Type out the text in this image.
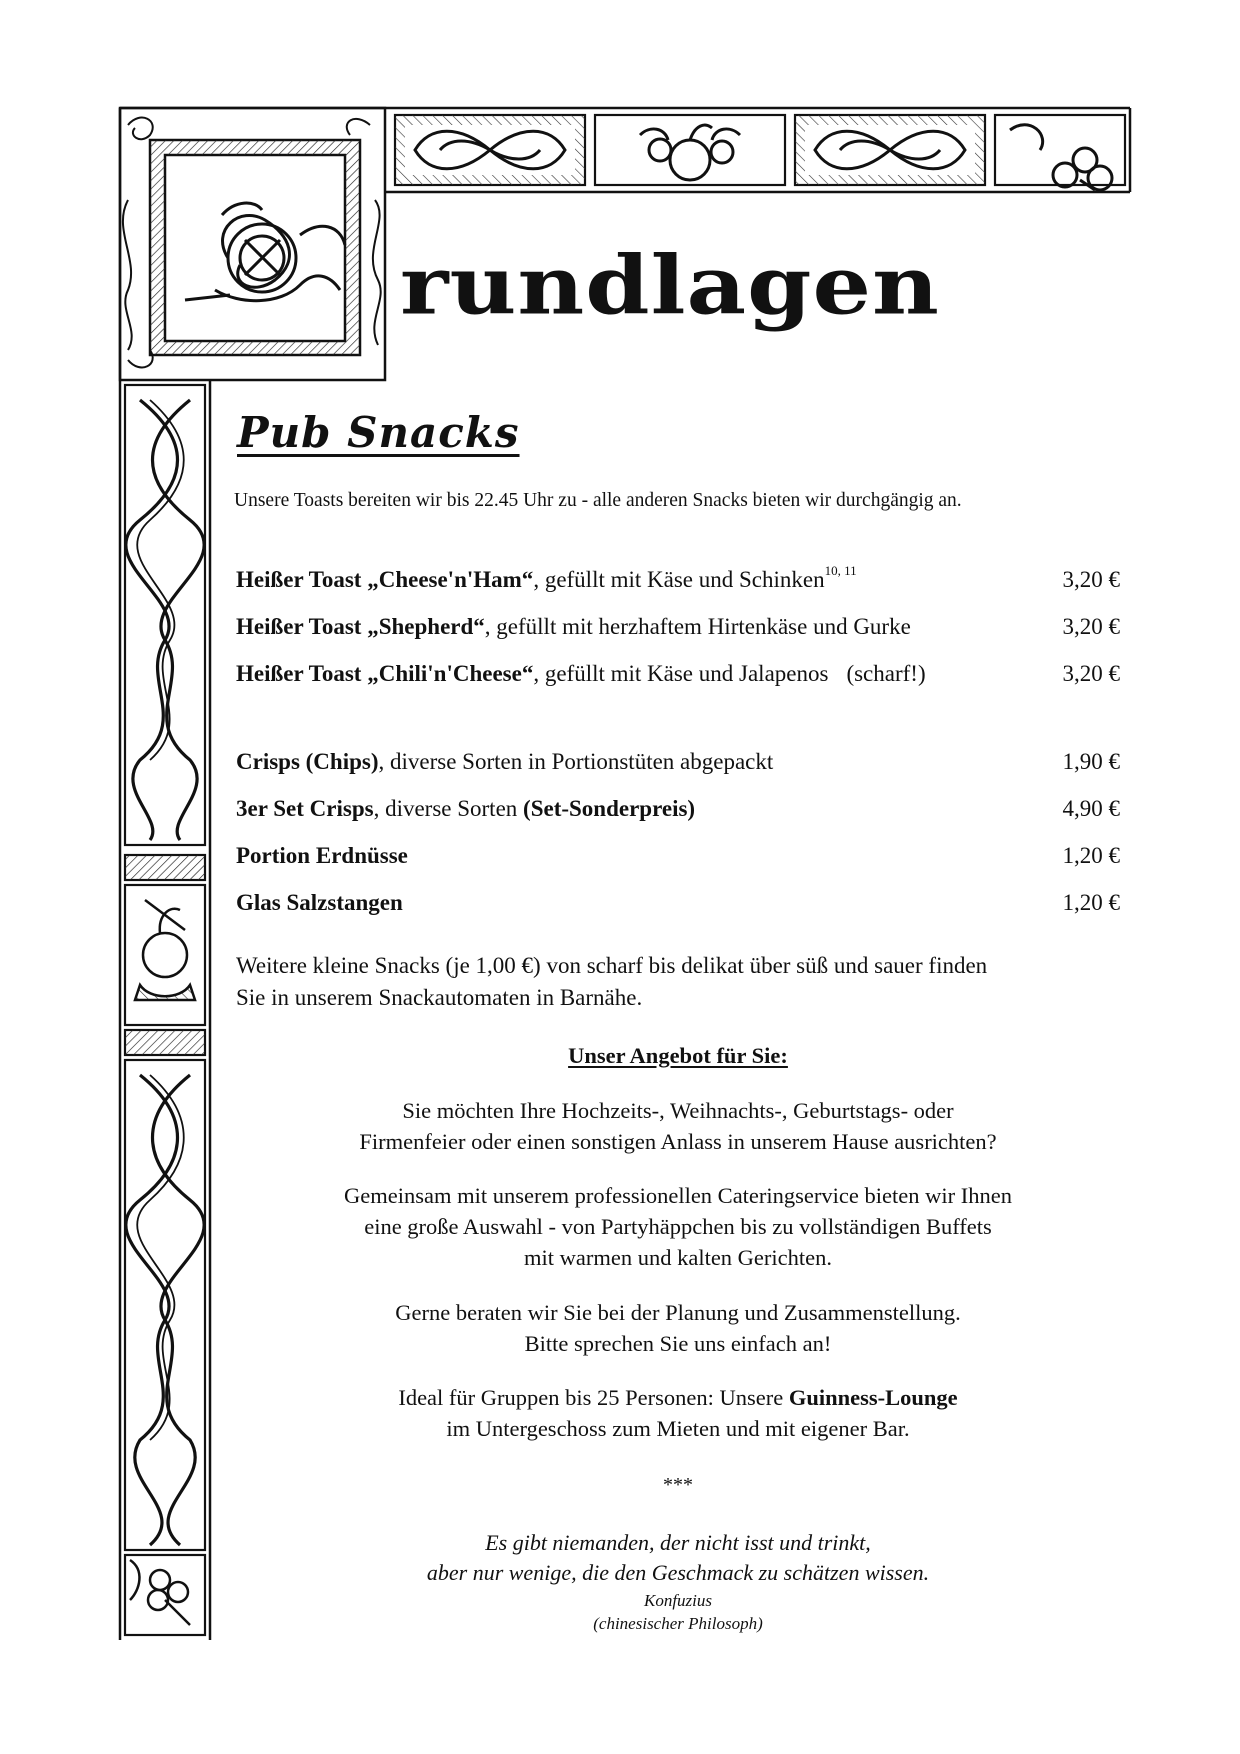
rundlagen
Pub Snacks

Unsere Toasts bereiten wir bis 22.45 Uhr zu - alle anderen Snacks bieten wir durchgängig an.

Heißer Toast „Cheese'n'Ham“, gefüllt mit Käse und Schinken$^{10, 11}$	3,20 €
Heißer Toast „Shepherd“, gefüllt mit herzhaftem Hirtenkäse und Gurke	3,20 €
Heißer Toast „Chili'n'Cheese“, gefüllt mit Käse und Jalapenos (scharf!)	3,20 €
Crisps (Chips), diverse Sorten in Portionstüten abgepackt	1,90 €
3er Set Crisps, diverse Sorten (Set-Sonderpreis)	4,90 €
Portion Erdnüsse	1,20 €
Glas Salzstangen	1,20 €

Weitere kleine Snacks (je 1,00 €) von scharf bis delikat über süß und sauer finden
Sie in unserem Snackautomaten in Barnähe.

Unser Angebot für Sie:

Sie möchten Ihre Hochzeits-, Weihnachts-, Geburtstags- oder
Firmenfeier oder einen sonstigen Anlass in unserem Hause ausrichten?

Gemeinsam mit unserem professionellen Cateringservice bieten wir Ihnen
eine große Auswahl - von Partyhäppchen bis zu vollständigen Buffets
mit warmen und kalten Gerichten.

Gerne beraten wir Sie bei der Planung und Zusammenstellung.
Bitte sprechen Sie uns einfach an!

Ideal für Gruppen bis 25 Personen: Unsere Guinness-Lounge
im Untergeschoss zum Mieten und mit eigener Bar.

***

Es gibt niemanden, der nicht isst und trinkt,
aber nur wenige, die den Geschmack zu schätzen wissen.

Konfuzius
(chinesischer Philosoph)
